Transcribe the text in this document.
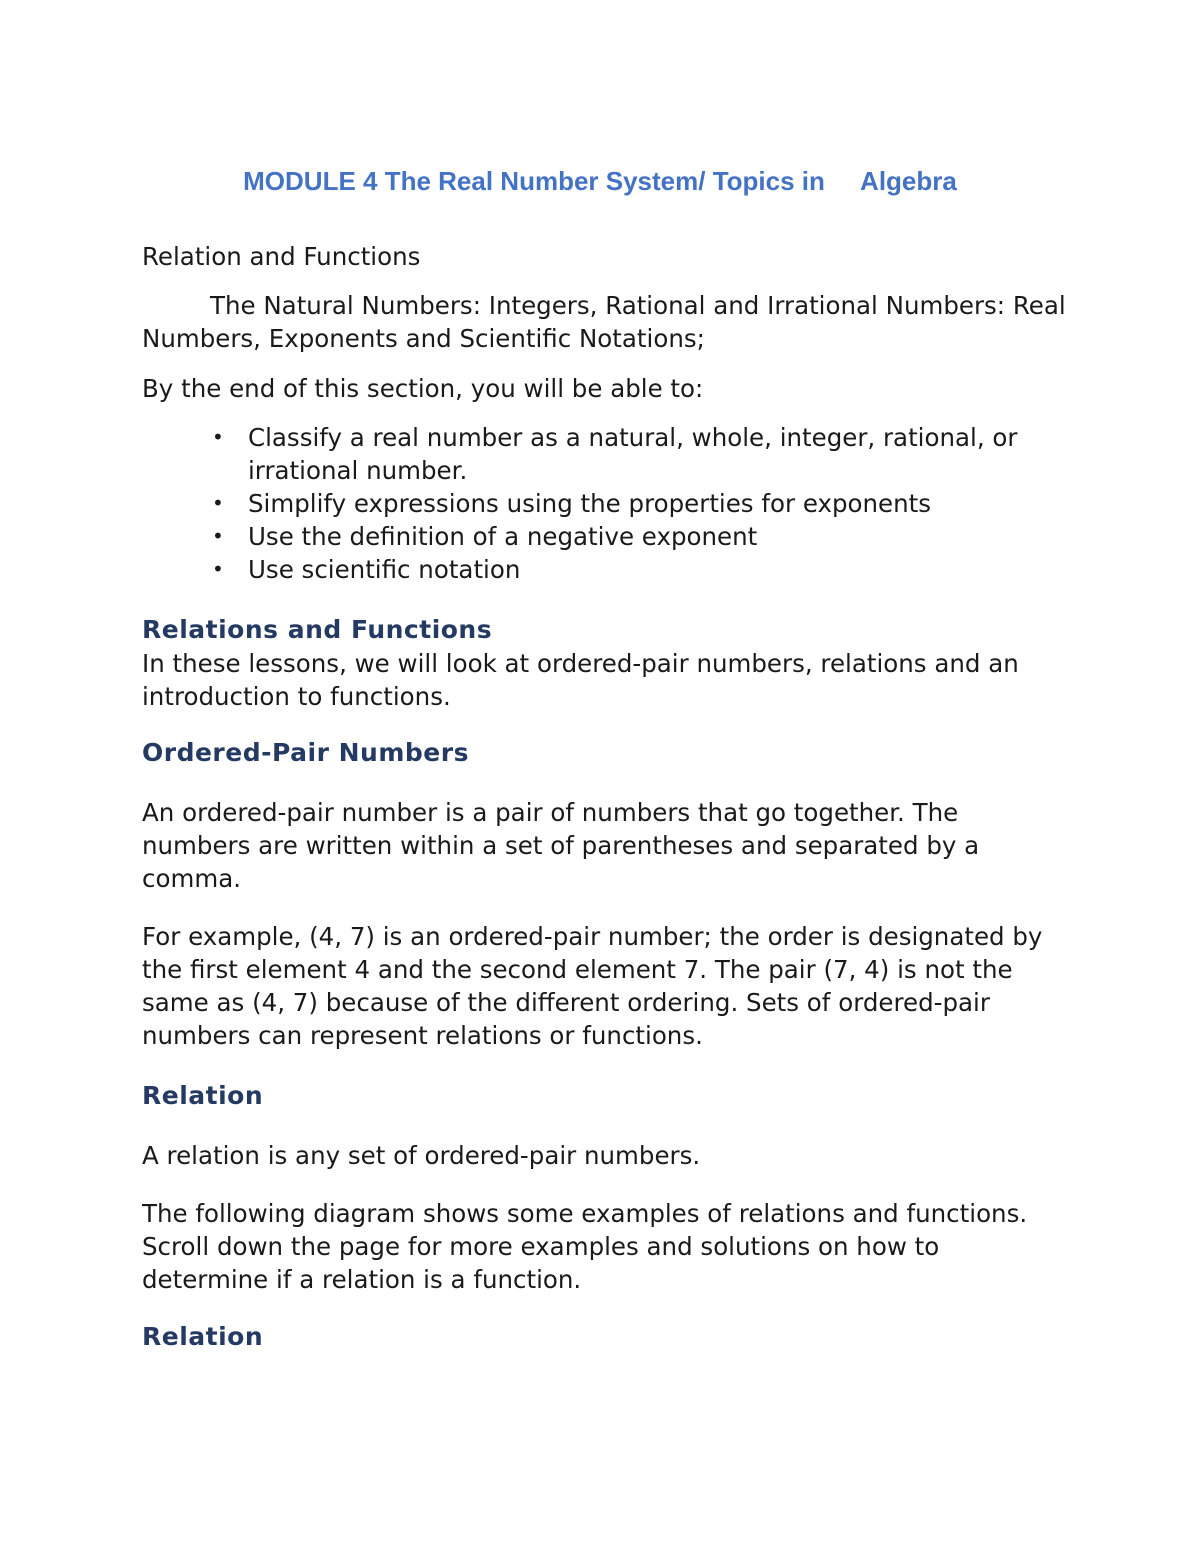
MODULE 4 The Real Number System/ Topics in     Algebra

Relation and Functions

The Natural Numbers: Integers, Rational and Irrational Numbers: Real Numbers, Exponents and Scientific Notations;

By the end of this section, you will be able to:

• Classify a real number as a natural, whole, integer, rational, or irrational number.
• Simplify expressions using the properties for exponents
• Use the definition of a negative exponent
• Use scientific notation
Relations and Functions

In these lessons, we will look at ordered-pair numbers, relations and an introduction to functions.

Ordered-Pair Numbers

An ordered-pair number is a pair of numbers that go together. The numbers are written within a set of parentheses and separated by a comma.

For example, (4, 7) is an ordered-pair number; the order is designated by the first element 4 and the second element 7. The pair (7, 4) is not the same as (4, 7) because of the different ordering. Sets of ordered-pair numbers can represent relations or functions.

Relation

A relation is any set of ordered-pair numbers.

The following diagram shows some examples of relations and functions. Scroll down the page for more examples and solutions on how to determine if a relation is a function.

Relation
